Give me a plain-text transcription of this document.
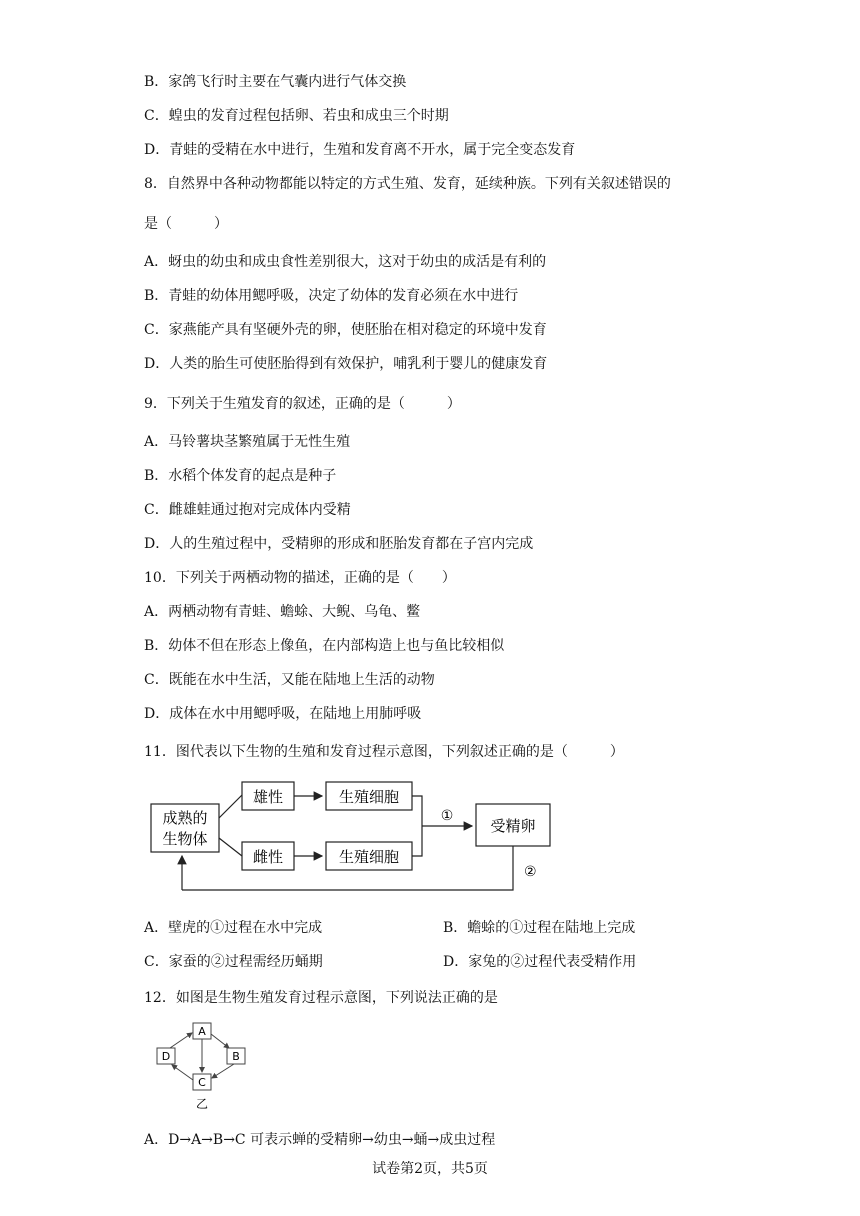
B．家鸽飞行时主要在气囊内进行气体交换
C．蝗虫的发育过程包括卵、若虫和成虫三个时期
D．青蛙的受精在水中进行，生殖和发育离不开水，属于完全变态发育
8．自然界中各种动物都能以特定的方式生殖、发育，延续种族。下列有关叙述错误的
是（　　　）
A．蚜虫的幼虫和成虫食性差别很大，这对于幼虫的成活是有利的
B．青蛙的幼体用鳃呼吸，决定了幼体的发育必须在水中进行
C．家燕能产具有坚硬外壳的卵，使胚胎在相对稳定的环境中发育
D．人类的胎生可使胚胎得到有效保护，哺乳利于婴儿的健康发育
9．下列关于生殖发育的叙述，正确的是（　　　）
A．马铃薯块茎繁殖属于无性生殖
B．水稻个体发育的起点是种子
C．雌雄蛙通过抱对完成体内受精
D．人的生殖过程中，受精卵的形成和胚胎发育都在子宫内完成
10．下列关于两栖动物的描述，正确的是（　　）
A．两栖动物有青蛙、蟾蜍、大鲵、乌龟、鳖
B．幼体不但在形态上像鱼，在内部构造上也与鱼比较相似
C．既能在水中生活，又能在陆地上生活的动物
D．成体在水中用鳃呼吸，在陆地上用肺呼吸
11．图代表以下生物的生殖和发育过程示意图，下列叙述正确的是（　　　）
成熟的
生物体
雄性
雌性
生殖细胞
生殖细胞
①
受精卵
②
A．壁虎的①过程在水中完成	B．蟾蜍的①过程在陆地上完成
C．家蚕的②过程需经历蛹期	D．家兔的②过程代表受精作用
12．如图是生物生殖发育过程示意图，下列说法正确的是
A
B
C
D
乙
A．D→A→B→C 可表示蝉的受精卵→幼虫→蛹→成虫过程
试卷第2页，共5页
